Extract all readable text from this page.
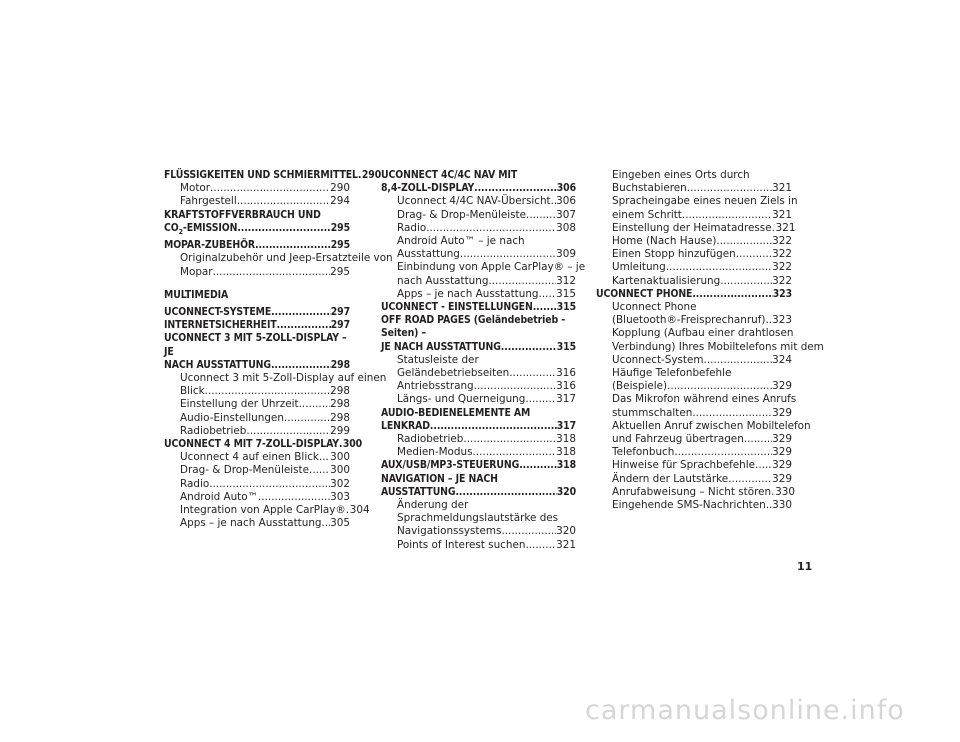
FLÜSSIGKEITEN UND SCHMIERMITTEL ..... 290
Motor .....	290
Fahrgestell .....	294
KRAFTSTOFFVERBRAUCH UND
$CO_2$-EMISSION .....	295
MOPAR-ZUBEHÖR .....	295
Originalzubehör und Jeep-Ersatzteile von
Mopar .....	295
MULTIMEDIA
UCONNECT-SYSTEME .....	297
INTERNETSICHERHEIT .....	297
UCONNECT 3 MIT 5-ZOLL-DISPLAY – JE
NACH AUSSTATTUNG .....	298
Uconnect 3 mit 5-Zoll-Display auf einen
Blick .....	298
Einstellung der Uhrzeit .....	298
Audio-Einstellungen .....	298
Radiobetrieb .....	299
UCONNECT 4 MIT 7-ZOLL-DISPLAY ..... 300
Uconnect 4 auf einen Blick ..... 300
Drag- & Drop-Menüleiste ..... 300
Radio .....	302
Android Auto™ .....	303
Integration von Apple CarPlay® ..... 304
Apps – je nach Ausstattung ..... 305
UCONNECT 4C/4C NAV MIT
8,4-ZOLL-DISPLAY .....	306
Uconnect 4/4C NAV-Übersicht ..... 306
Drag- & Drop-Menüleiste .....	307
Radio .....	308
Android Auto™ – je nach
Ausstattung .....	309
Einbindung von Apple CarPlay® – je
nach Ausstattung .....	312
Apps – je nach Ausstattung ..... 315
UCONNECT - EINSTELLUNGEN ..... 315
OFF ROAD PAGES (Geländebetrieb - Seiten) –
JE NACH AUSSTATTUNG .....	315
Statusleiste der
Geländebetriebseiten .....	316
Antriebsstrang .....	316
Längs- und Querneigung .....	317
AUDIO-BEDIENELEMENTE AM
LENKRAD .....	317
Radiobetrieb .....	318
Medien-Modus .....	318
AUX/USB/MP3-STEUERUNG .....	318
NAVIGATION – JE NACH
AUSSTATTUNG .....	320
Änderung der
Sprachmeldungslautstärke des
Navigationssystems .....	320
Points of Interest suchen .....	321
Eingeben eines Orts durch
Buchstabieren .....	321
Spracheingabe eines neuen Ziels in
einem Schritt .....	321
Einstellung der Heimatadresse ..... 321
Home (Nach Hause) .....	322
Einen Stopp hinzufügen .....	322
Umleitung .....	322
Kartenaktualisierung .....	322
UCONNECT PHONE .....	323
Uconnect Phone
(Bluetooth®-Freisprechanruf) ..... 323
Kopplung (Aufbau einer drahtlosen
Verbindung) Ihres Mobiltelefons mit dem
Uconnect-System .....	324
Häufige Telefonbefehle
(Beispiele) .....	329
Das Mikrofon während eines Anrufs
stummschalten .....	329
Aktuellen Anruf zwischen Mobiltelefon
und Fahrzeug übertragen .....	329
Telefonbuch .....	329
Hinweise für Sprachbefehle ..... 329
Ändern der Lautstärke .....	329
Anrufabweisung – Nicht stören ..... 330
Eingehende SMS-Nachrichten ..... 330
11
carmanualsonline.info
